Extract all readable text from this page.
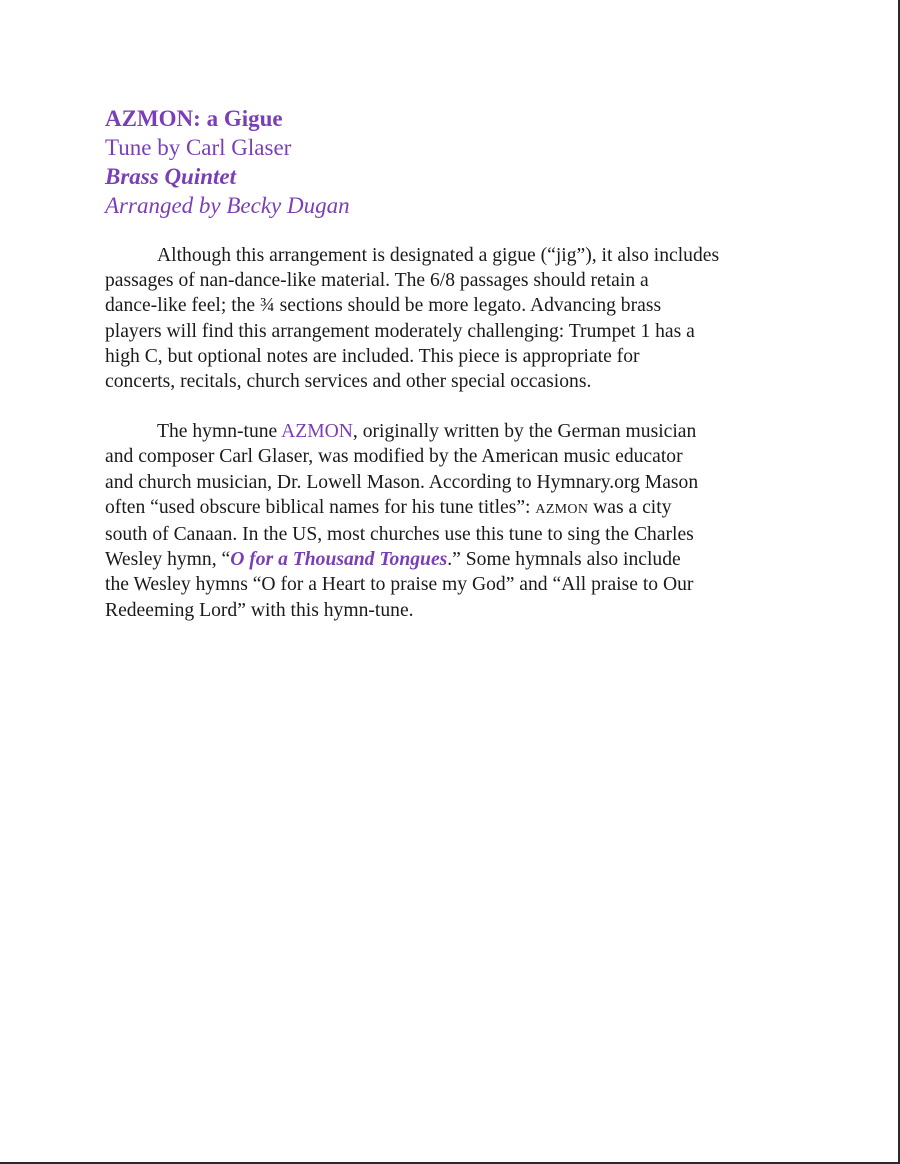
AZMON: a Gigue
Tune by Carl Glaser
Brass Quintet
Arranged by Becky Dugan
Although this arrangement is designated a gigue (“jig”), it also includes
passages of nan-dance-like material. The 6/8 passages should retain a
dance-like feel; the ¾ sections should be more legato. Advancing brass
players will find this arrangement moderately challenging: Trumpet 1 has a
high C, but optional notes are included. This piece is appropriate for
concerts, recitals, church services and other special occasions.
The hymn-tune AZMON, originally written by the German musician
and composer Carl Glaser, was modified by the American music educator
and church musician, Dr. Lowell Mason. According to Hymnary.org Mason
often “used obscure biblical names for his tune titles”: AZMON was a city
south of Canaan. In the US, most churches use this tune to sing the Charles
Wesley hymn, “O for a Thousand Tongues.” Some hymnals also include
the Wesley hymns “O for a Heart to praise my God” and “All praise to Our
Redeeming Lord” with this hymn-tune.
